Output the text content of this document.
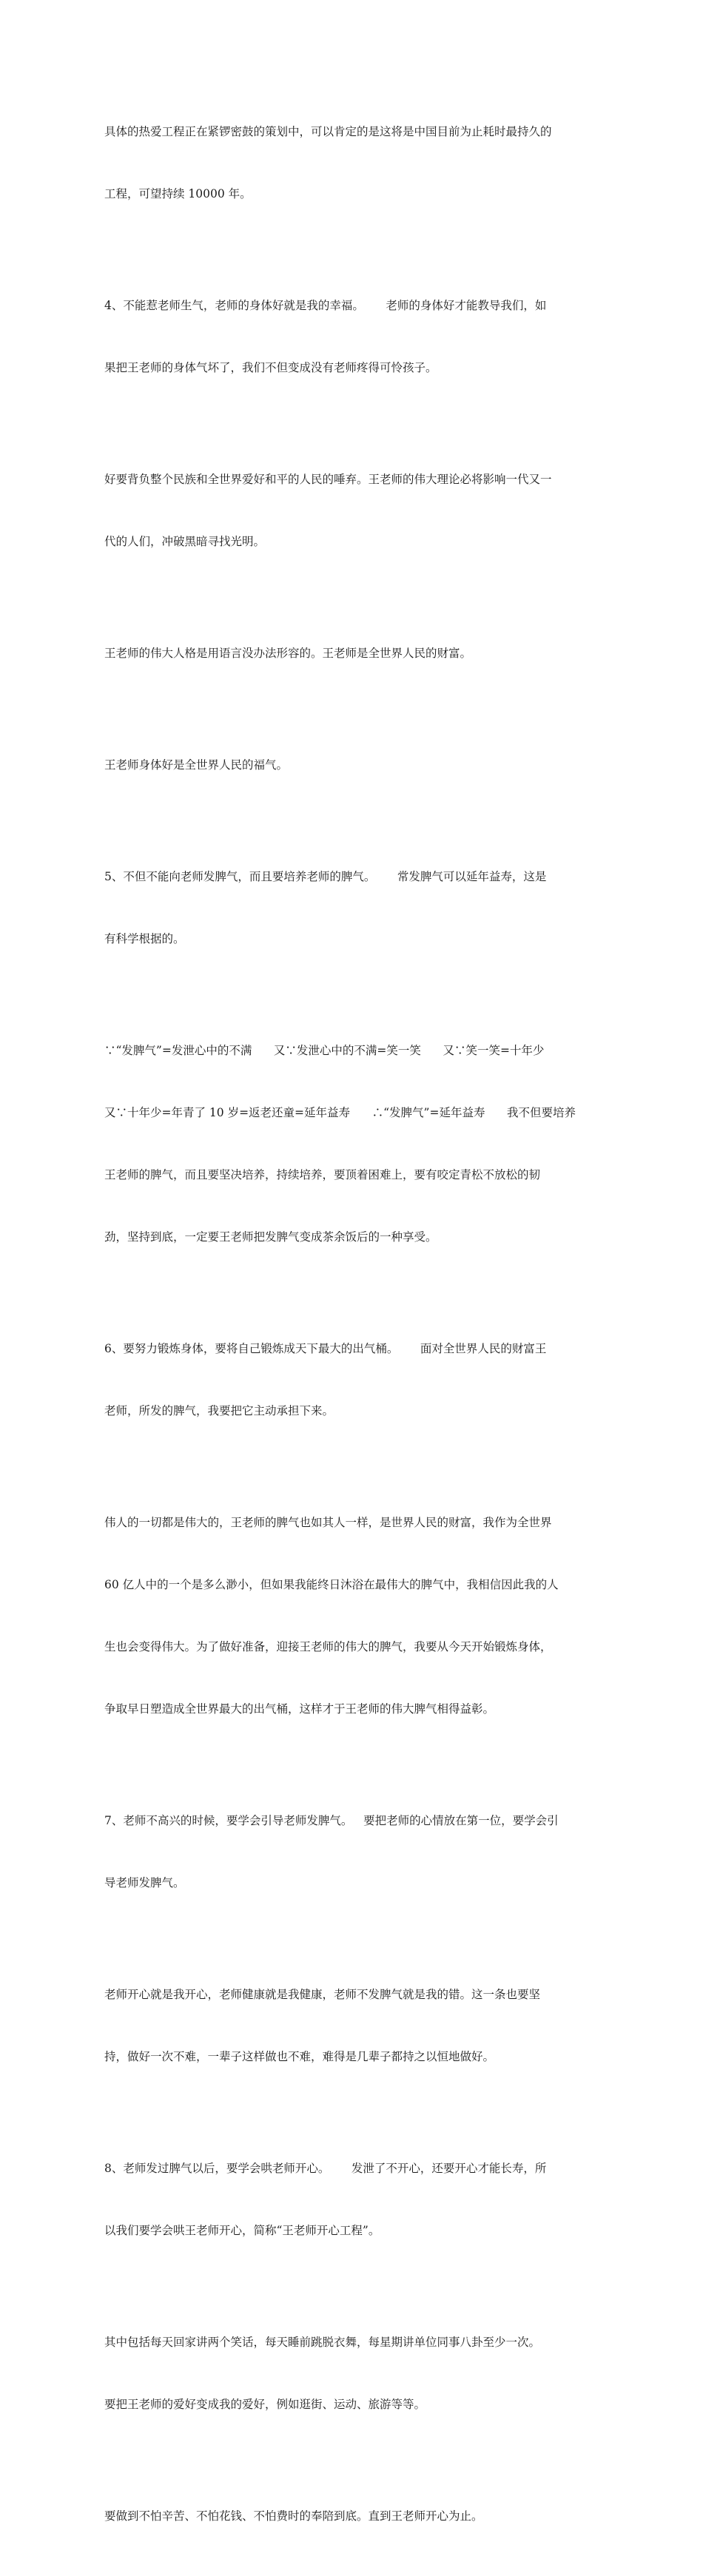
具体的热爱工程正在紧锣密鼓的策划中，可以肯定的是这将是中国目前为止耗时最持久的

工程，可望持续 10000 年。

4、不能惹老师生气，老师的身体好就是我的幸福。      老师的身体好才能教导我们，如

果把王老师的身体气坏了，我们不但变成没有老师疼得可怜孩子。

好要背负整个民族和全世界爱好和平的人民的唾弃。王老师的伟大理论必将影响一代又一

代的人们，冲破黑暗寻找光明。

王老师的伟大人格是用语言没办法形容的。王老师是全世界人民的财富。

王老师身体好是全世界人民的福气。

5、不但不能向老师发脾气，而且要培养老师的脾气。      常发脾气可以延年益寿，这是

有科学根据的。

∵“发脾气”=发泄心中的不满      又∵发泄心中的不满=笑一笑      又∵笑一笑=十年少

又∵十年少=年青了 10 岁=返老还童=延年益寿      ∴“发脾气”=延年益寿      我不但要培养

王老师的脾气，而且要坚决培养，持续培养，要顶着困难上，要有咬定青松不放松的韧

劲，坚持到底，一定要王老师把发脾气变成茶余饭后的一种享受。

6、要努力锻炼身体，要将自己锻炼成天下最大的出气桶。      面对全世界人民的财富王

老师，所发的脾气，我要把它主动承担下来。

伟人的一切都是伟大的，王老师的脾气也如其人一样，是世界人民的财富，我作为全世界

60 亿人中的一个是多么渺小，但如果我能终日沐浴在最伟大的脾气中，我相信因此我的人

生也会变得伟大。为了做好准备，迎接王老师的伟大的脾气，我要从今天开始锻炼身体，

争取早日塑造成全世界最大的出气桶，这样才于王老师的伟大脾气相得益彰。

7、老师不高兴的时候，要学会引导老师发脾气。   要把老师的心情放在第一位，要学会引

导老师发脾气。

老师开心就是我开心，老师健康就是我健康，老师不发脾气就是我的错。这一条也要坚

持，做好一次不难，一辈子这样做也不难，难得是几辈子都持之以恒地做好。

8、老师发过脾气以后，要学会哄老师开心。      发泄了不开心，还要开心才能长寿，所

以我们要学会哄王老师开心，简称“王老师开心工程”。

其中包括每天回家讲两个笑话，每天睡前跳脱衣舞，每星期讲单位同事八卦至少一次。

要把王老师的爱好变成我的爱好，例如逛街、运动、旅游等等。

要做到不怕辛苦、不怕花钱、不怕费时的奉陪到底。直到王老师开心为止。
